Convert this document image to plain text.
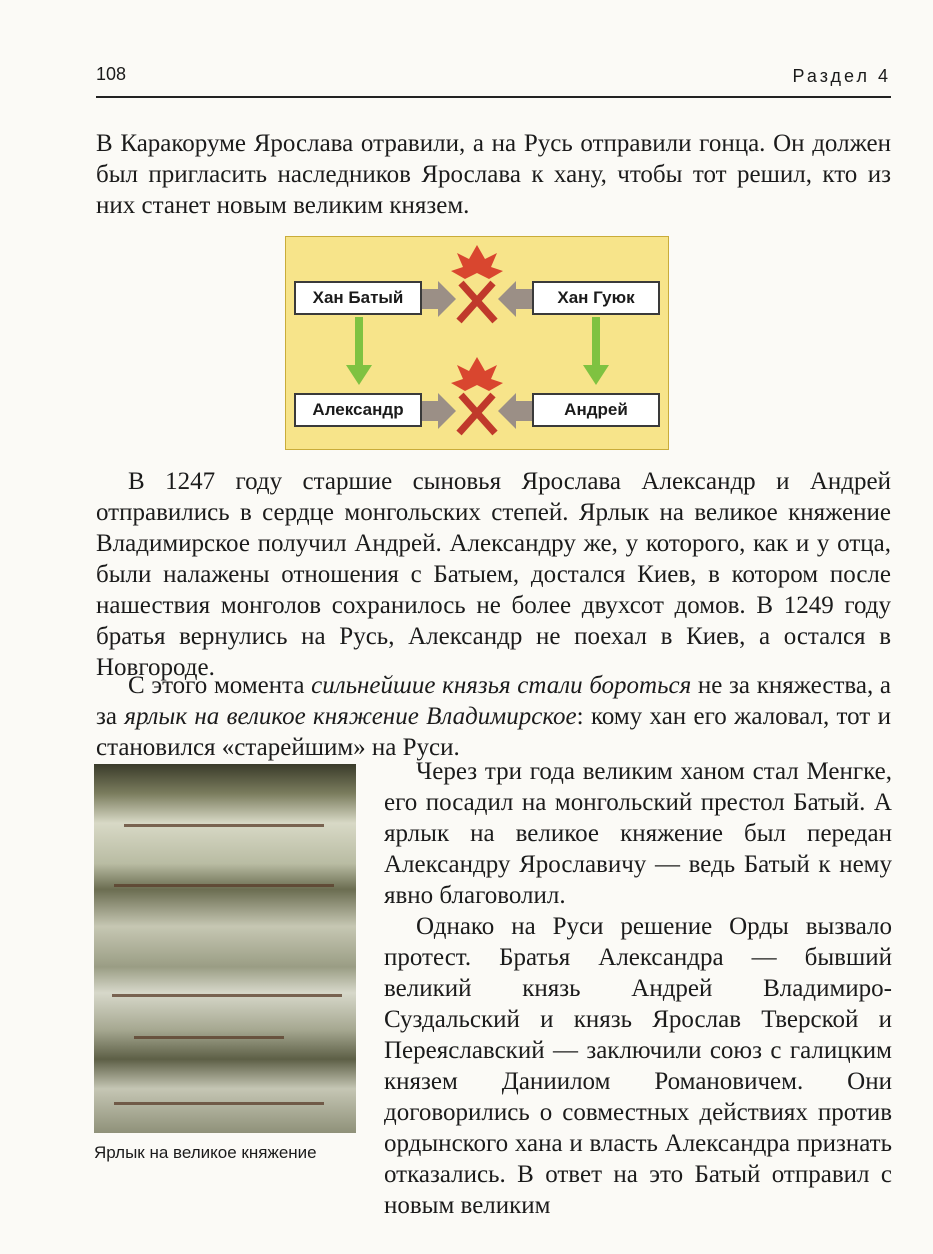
108	Раздел 4

В Каракоруме Ярослава отравили, а на Русь отправили гонца. Он должен был пригласить наследников Ярослава к хану, чтобы тот решил, кто из них станет новым великим князем.

Хан Батый	Хан Гуюк
Александр	Андрей

В 1247 году старшие сыновья Ярослава Александр и Андрей отправились в сердце монгольских степей. Ярлык на великое княжение Владимирское получил Андрей. Александру же, у которого, как и у отца, были налажены отношения с Батыем, достался Киев, в котором после нашествия монголов сохранилось не более двухсот домов. В 1249 году братья вернулись на Русь, Александр не поехал в Киев, а остался в Новгороде.

С этого момента сильнейшие князья стали бороться не за княжества, а за ярлык на великое княжение Владимирское: кому хан его жаловал, тот и становился «старейшим» на Руси.

Ярлык на великое княжение

Через три года великим ханом стал Менгке, его посадил на монгольский престол Батый. А ярлык на великое княжение был передан Александру Ярославичу — ведь Батый к нему явно благоволил.

Однако на Руси решение Орды вызвало протест. Братья Александра — бывший великий князь Андрей Владимиро-Суздальский и князь Ярослав Тверской и Переяславский — заключили союз с галицким князем Даниилом Романовичем. Они договорились о совместных действиях против ордынского хана и власть Александра признать отказались. В ответ на это Батый отправил с новым великим
